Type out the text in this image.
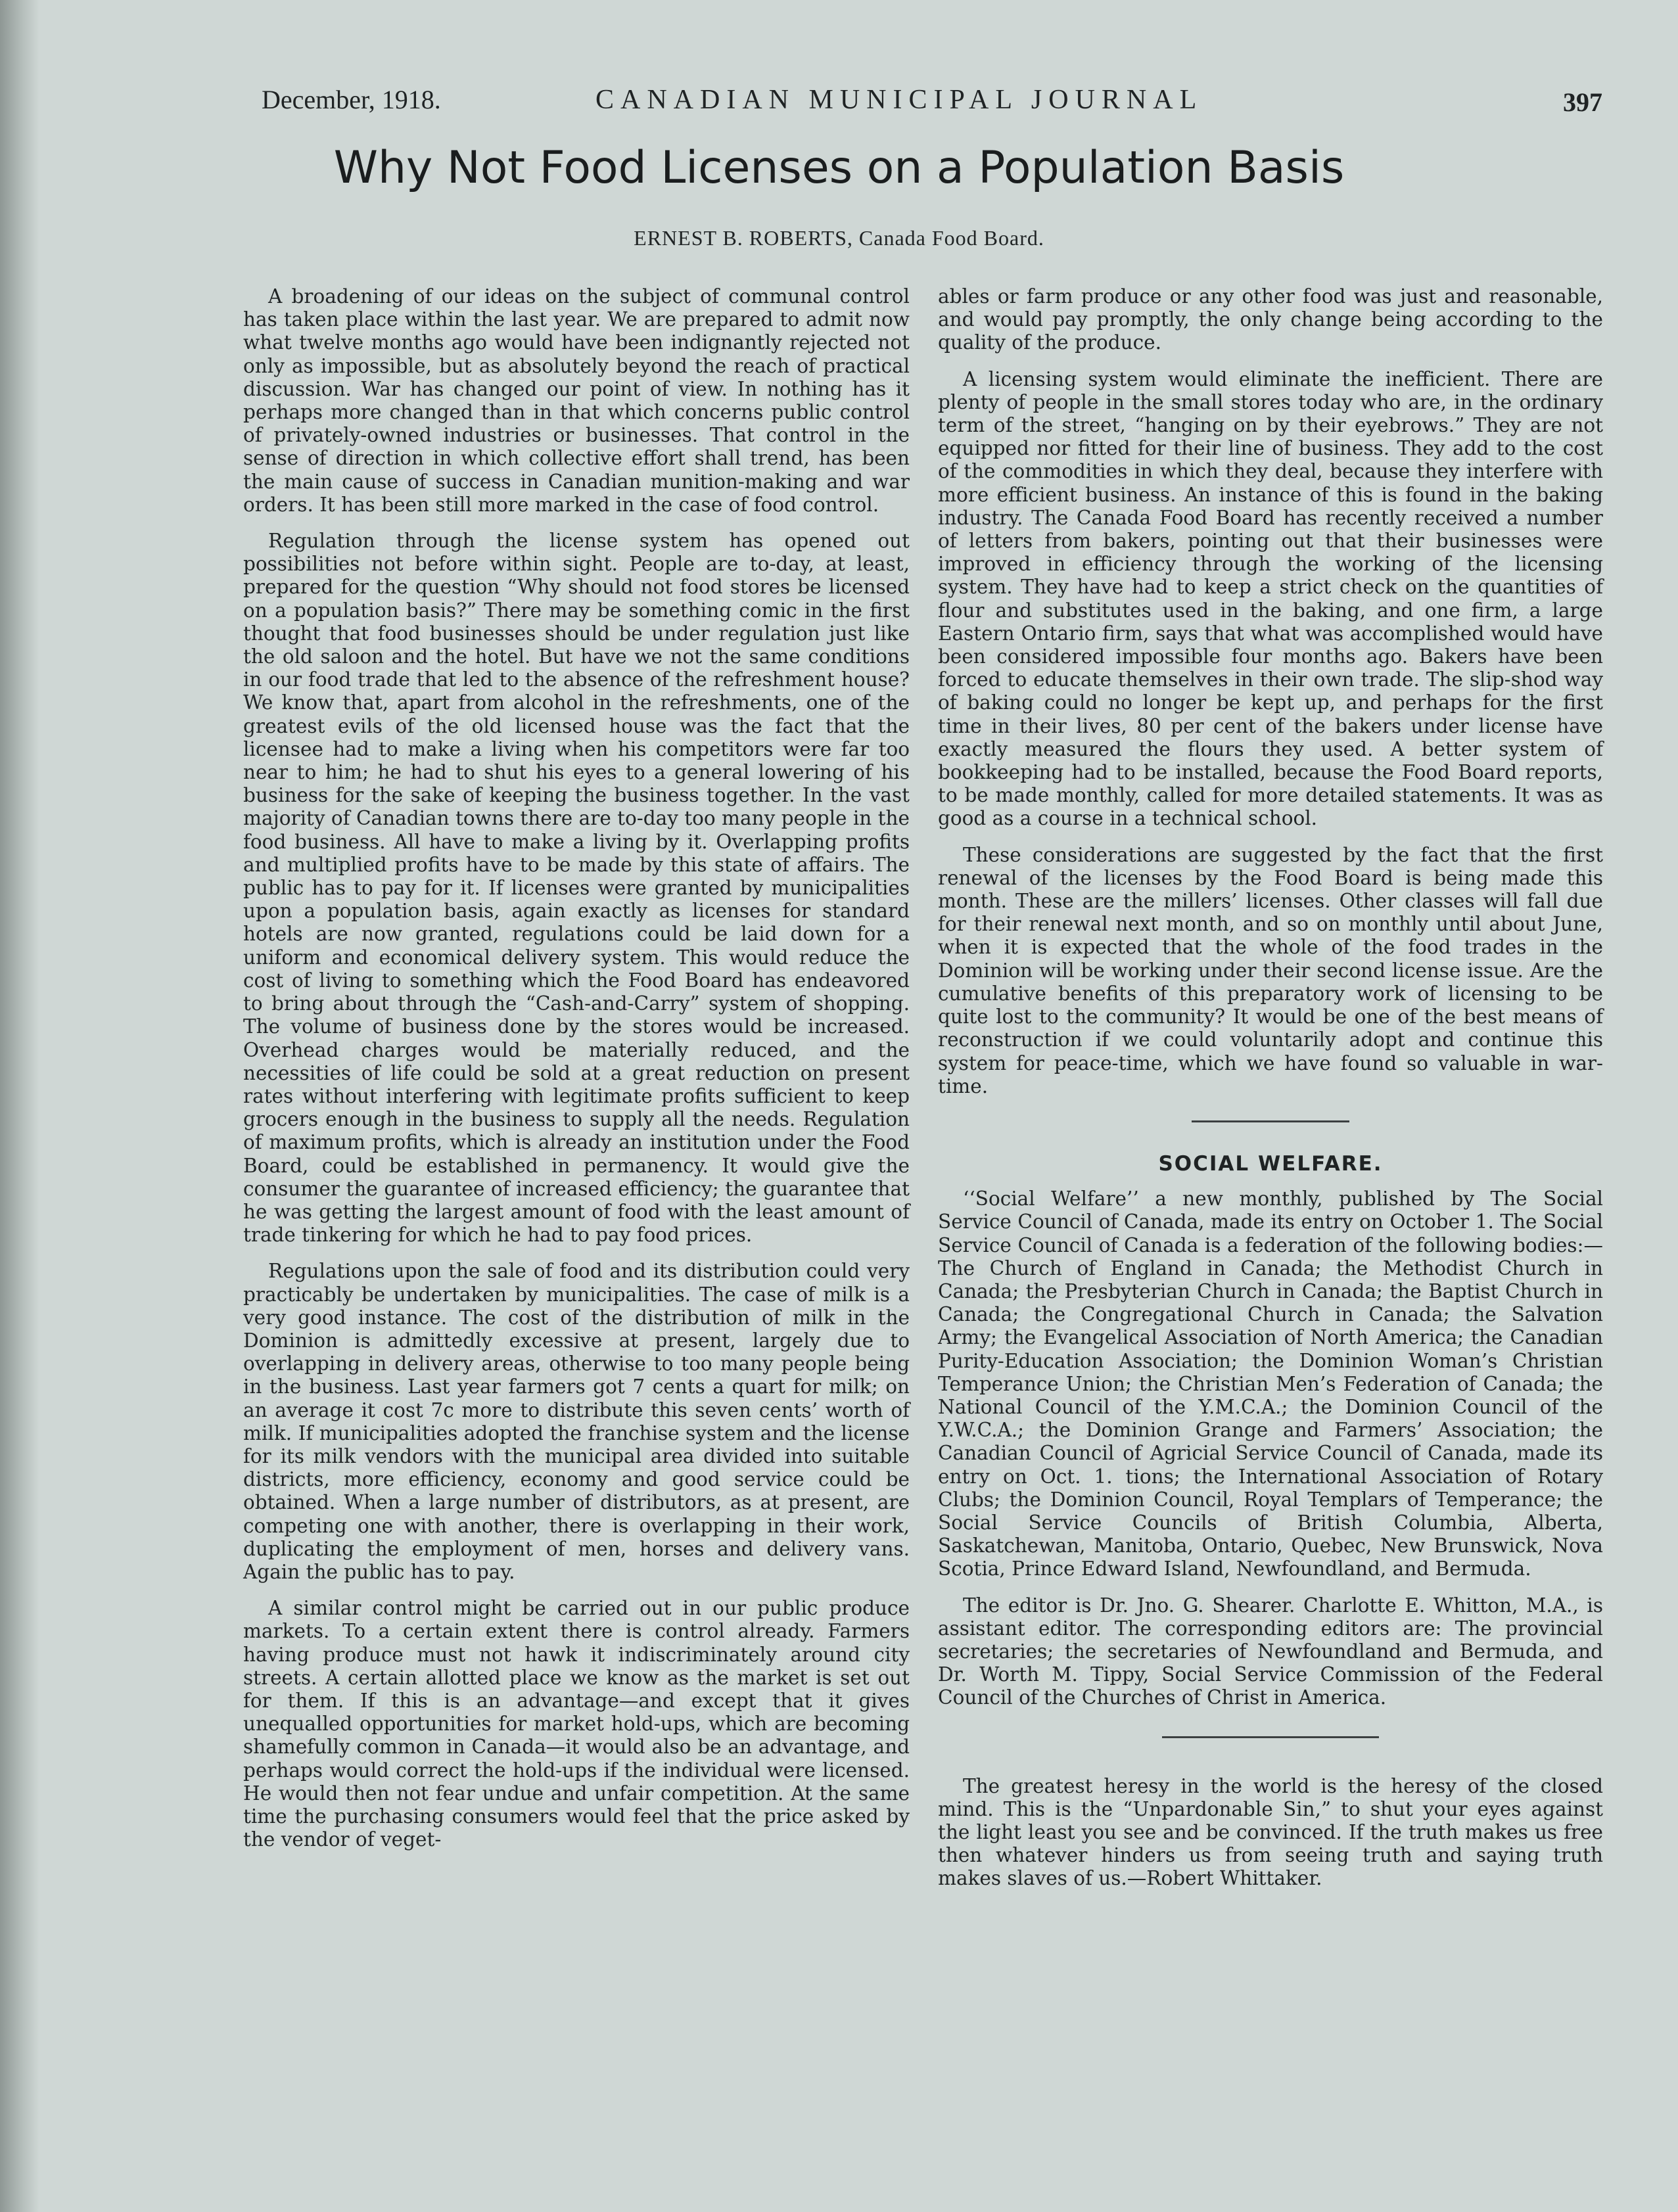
December, 1918.	CANADIAN MUNICIPAL JOURNAL	397
Why Not Food Licenses on a Population Basis
ERNEST B. ROBERTS, Canada Food Board.

A broadening of our ideas on the subject of communal control has taken place within the last year. We are prepared to admit now what twelve months ago would have been indignantly rejected not only as impossible, but as absolutely beyond the reach of practical discussion. War has changed our point of view. In nothing has it perhaps more changed than in that which concerns public control of privately-owned industries or businesses. That control in the sense of direction in which collective effort shall trend, has been the main cause of success in Canadian munition-making and war orders. It has been still more marked in the case of food control.

Regulation through the license system has opened out possibilities not before within sight. People are to-day, at least, prepared for the question “Why should not food stores be licensed on a population basis?” There may be something comic in the first thought that food businesses should be under regulation just like the old saloon and the hotel. But have we not the same conditions in our food trade that led to the absence of the refreshment house? We know that, apart from alcohol in the refreshments, one of the greatest evils of the old licensed house was the fact that the licensee had to make a living when his competitors were far too near to him; he had to shut his eyes to a general lowering of his business for the sake of keeping the business together. In the vast majority of Canadian towns there are to-day too many people in the food business. All have to make a living by it. Overlapping profits and multiplied profits have to be made by this state of affairs. The public has to pay for it. If licenses were granted by municipalities upon a population basis, again exactly as licenses for standard hotels are now granted, regulations could be laid down for a uniform and economical delivery system. This would reduce the cost of living to something which the Food Board has endeavored to bring about through the “Cash-and-Carry” system of shopping. The volume of business done by the stores would be increased. Overhead charges would be materially reduced, and the necessities of life could be sold at a great reduction on present rates without interfering with legitimate profits sufficient to keep grocers enough in the business to supply all the needs. Regulation of maximum profits, which is already an institution under the Food Board, could be established in permanency. It would give the consumer the guarantee of increased efficiency; the guarantee that he was getting the largest amount of food with the least amount of trade tinkering for which he had to pay food prices.

Regulations upon the sale of food and its distribution could very practicably be undertaken by municipalities. The case of milk is a very good instance. The cost of the distribution of milk in the Dominion is admittedly excessive at present, largely due to overlapping in delivery areas, otherwise to too many people being in the business. Last year farmers got 7 cents a quart for milk; on an average it cost 7c more to distribute this seven cents’ worth of milk. If municipalities adopted the franchise system and the license for its milk vendors with the municipal area divided into suitable districts, more efficiency, economy and good service could be obtained. When a large number of distributors, as at present, are competing one with another, there is overlapping in their work, duplicating the employment of men, horses and delivery vans. Again the public has to pay.

A similar control might be carried out in our public produce markets. To a certain extent there is control already. Farmers having produce must not hawk it indiscriminately around city streets. A certain allotted place we know as the market is set out for them. If this is an advantage—and except that it gives unequalled opportunities for market hold-ups, which are becoming shamefully common in Canada—it would also be an advantage, and perhaps would correct the hold-ups if the individual were licensed. He would then not fear undue and unfair competition. At the same time the purchasing consumers would feel that the price asked by the vendor of veget-

ables or farm produce or any other food was just and reasonable, and would pay promptly, the only change being according to the quality of the produce.

A licensing system would eliminate the inefficient. There are plenty of people in the small stores today who are, in the ordinary term of the street, “hanging on by their eyebrows.” They are not equipped nor fitted for their line of business. They add to the cost of the commodities in which they deal, because they interfere with more efficient business. An instance of this is found in the baking industry. The Canada Food Board has recently received a number of letters from bakers, pointing out that their businesses were improved in efficiency through the working of the licensing system. They have had to keep a strict check on the quantities of flour and substitutes used in the baking, and one firm, a large Eastern Ontario firm, says that what was accomplished would have been considered impossible four months ago. Bakers have been forced to educate themselves in their own trade. The slip-shod way of baking could no longer be kept up, and perhaps for the first time in their lives, 80 per cent of the bakers under license have exactly measured the flours they used. A better system of bookkeeping had to be installed, because the Food Board reports, to be made monthly, called for more detailed statements. It was as good as a course in a technical school.

These considerations are suggested by the fact that the first renewal of the licenses by the Food Board is being made this month. These are the millers’ licenses. Other classes will fall due for their renewal next month, and so on monthly until about June, when it is expected that the whole of the food trades in the Dominion will be working under their second license issue. Are the cumulative benefits of this preparatory work of licensing to be quite lost to the community? It would be one of the best means of reconstruction if we could voluntarily adopt and continue this system for peace-time, which we have found so valuable in war-time.

SOCIAL WELFARE.

‘‘Social Welfare’’ a new monthly, published by The Social Service Council of Canada, made its entry on October 1. The Social Service Council of Canada is a federation of the following bodies:—The Church of England in Canada; the Methodist Church in Canada; the Presbyterian Church in Canada; the Baptist Church in Canada; the Congregational Church in Canada; the Salvation Army; the Evangelical Association of North America; the Canadian Purity-Education Association; the Dominion Woman’s Christian Temperance Union; the Christian Men’s Federation of Canada; the National Council of the Y.M.C.A.; the Dominion Council of the Y.W.C.A.; the Dominion Grange and Farmers’ Association; the Canadian Council of Agricial Service Council of Canada, made its entry on Oct. 1. tions; the International Association of Rotary Clubs; the Dominion Council, Royal Templars of Temperance; the Social Service Councils of British Columbia, Alberta, Saskatchewan, Manitoba, Ontario, Quebec, New Brunswick, Nova Scotia, Prince Edward Island, Newfoundland, and Bermuda.

The editor is Dr. Jno. G. Shearer. Charlotte E. Whitton, M.A., is assistant editor. The corresponding editors are: The provincial secretaries; the secretaries of Newfoundland and Bermuda, and Dr. Worth M. Tippy, Social Service Commission of the Federal Council of the Churches of Christ in America.

The greatest heresy in the world is the heresy of the closed mind. This is the “Unpardonable Sin,” to shut your eyes against the light least you see and be convinced. If the truth makes us free then whatever hinders us from seeing truth and saying truth makes slaves of us.—Robert Whittaker.
